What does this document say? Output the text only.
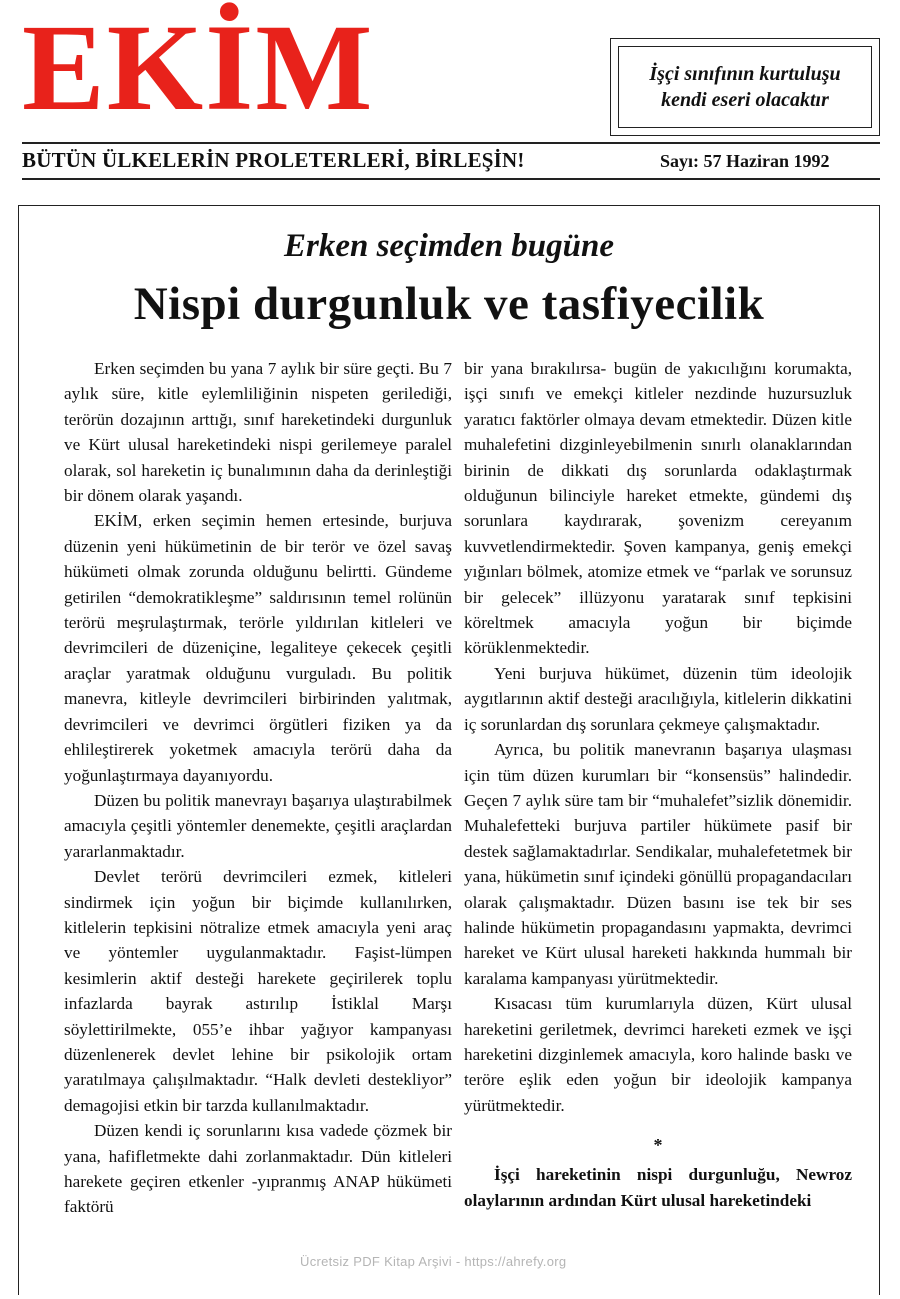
EKİM	İşçi sınıfının kurtuluşu
kendi eseri olacaktır
BÜTÜN ÜLKELERİN PROLETERLERİ, BİRLEŞİN!	Sayı: 57 Haziran 1992
Erken seçimden bugüne
Nispi durgunluk ve tasfiyecilik

Erken seçimden bu yana 7 aylık bir süre geçti. Bu 7 aylık süre, kitle eylemliliğinin nispeten gerilediği, terörün dozajının arttığı, sınıf hareketindeki durgunluk ve Kürt ulusal hareketindeki nispi gerilemeye paralel olarak, sol hareketin iç bunalımının daha da derinleştiği bir dönem olarak yaşandı.

EKİM, erken seçimin hemen ertesinde, burjuva düzenin yeni hükümetinin de bir terör ve özel savaş hükümeti olmak zorunda olduğunu belirtti. Gündeme getirilen “demokratikleşme” saldırısının temel rolünün terörü meşrulaştırmak, terörle yıldırılan kitleleri ve devrimcileri de düzeniçine, legaliteye çekecek çeşitli araçlar yaratmak olduğunu vurguladı. Bu politik manevra, kitleyle devrimcileri birbirinden yalıtmak, devrimcileri ve devrimci örgütleri fiziken ya da ehlileştirerek yoketmek amacıyla terörü daha da yoğunlaştırmaya dayanıyordu.

Düzen bu politik manevrayı başarıya ulaştırabilmek amacıyla çeşitli yöntemler denemekte, çeşitli araçlardan yararlanmaktadır.

Devlet terörü devrimcileri ezmek, kitleleri sindirmek için yoğun bir biçimde kullanılırken, kitlelerin tepkisini nötralize etmek amacıyla yeni araç ve yöntemler uygulanmaktadır. Faşist-lümpen kesimlerin aktif desteği harekete geçirilerek toplu infazlarda bayrak astırılıp İstiklal Marşı söylettirilmekte, 055’e ihbar yağıyor kampanyası düzenlenerek devlet lehine bir psikolojik ortam yaratılmaya çalışılmaktadır. “Halk devleti destekliyor” demagojisi etkin bir tarzda kullanılmaktadır.

Düzen kendi iç sorunlarını kısa vadede çözmek bir yana, hafifletmekte dahi zorlanmaktadır. Dün kitleleri harekete geçiren etkenler -yıpranmış ANAP hükümeti faktörü

bir yana bırakılırsa- bugün de yakıcılığını korumakta, işçi sınıfı ve emekçi kitleler nezdinde huzursuzluk yaratıcı faktörler olmaya devam etmektedir. Düzen kitle muhalefetini dizginleyebilmenin sınırlı olanaklarından birinin de dikkati dış sorunlarda odaklaştırmak olduğunun bilinciyle hareket etmekte, gündemi dış sorunlara kaydırarak, şovenizm cereyanım kuvvetlendirmektedir. Şoven kampanya, geniş emekçi yığınları bölmek, atomize etmek ve “parlak ve sorunsuz bir gelecek” illüzyonu yaratarak sınıf tepkisini köreltmek amacıyla yoğun bir biçimde körüklenmektedir.

Yeni burjuva hükümet, düzenin tüm ideolojik aygıtlarının aktif desteği aracılığıyla, kitlelerin dikkatini iç sorunlardan dış sorunlara çekmeye çalışmaktadır.

Ayrıca, bu politik manevranın başarıya ulaşması için tüm düzen kurumları bir “konsensüs” halindedir. Geçen 7 aylık süre tam bir “muhalefet”sizlik dönemidir. Muhalefetteki burjuva partiler hükümete pasif bir destek sağlamaktadırlar. Sendikalar, muhalefetetmek bir yana, hükümetin sınıf içindeki gönüllü propagandacıları olarak çalışmaktadır. Düzen basını ise tek bir ses halinde hükümetin propagandasını yapmakta, devrimci hareket ve Kürt ulusal hareketi hakkında hummalı bir karalama kampanyası yürütmektedir.

Kısacası tüm kurumlarıyla düzen, Kürt ulusal hareketini geriletmek, devrimci hareketi ezmek ve işçi hareketini dizginlemek amacıyla, koro halinde baskı ve teröre eşlik eden yoğun bir ideolojik kampanya yürütmektedir.

*

İşçi hareketinin nispi durgunluğu, Newroz olaylarının ardından Kürt ulusal hareketindeki

Ücretsiz PDF Kitap Arşivi - https://ahrefy.org
